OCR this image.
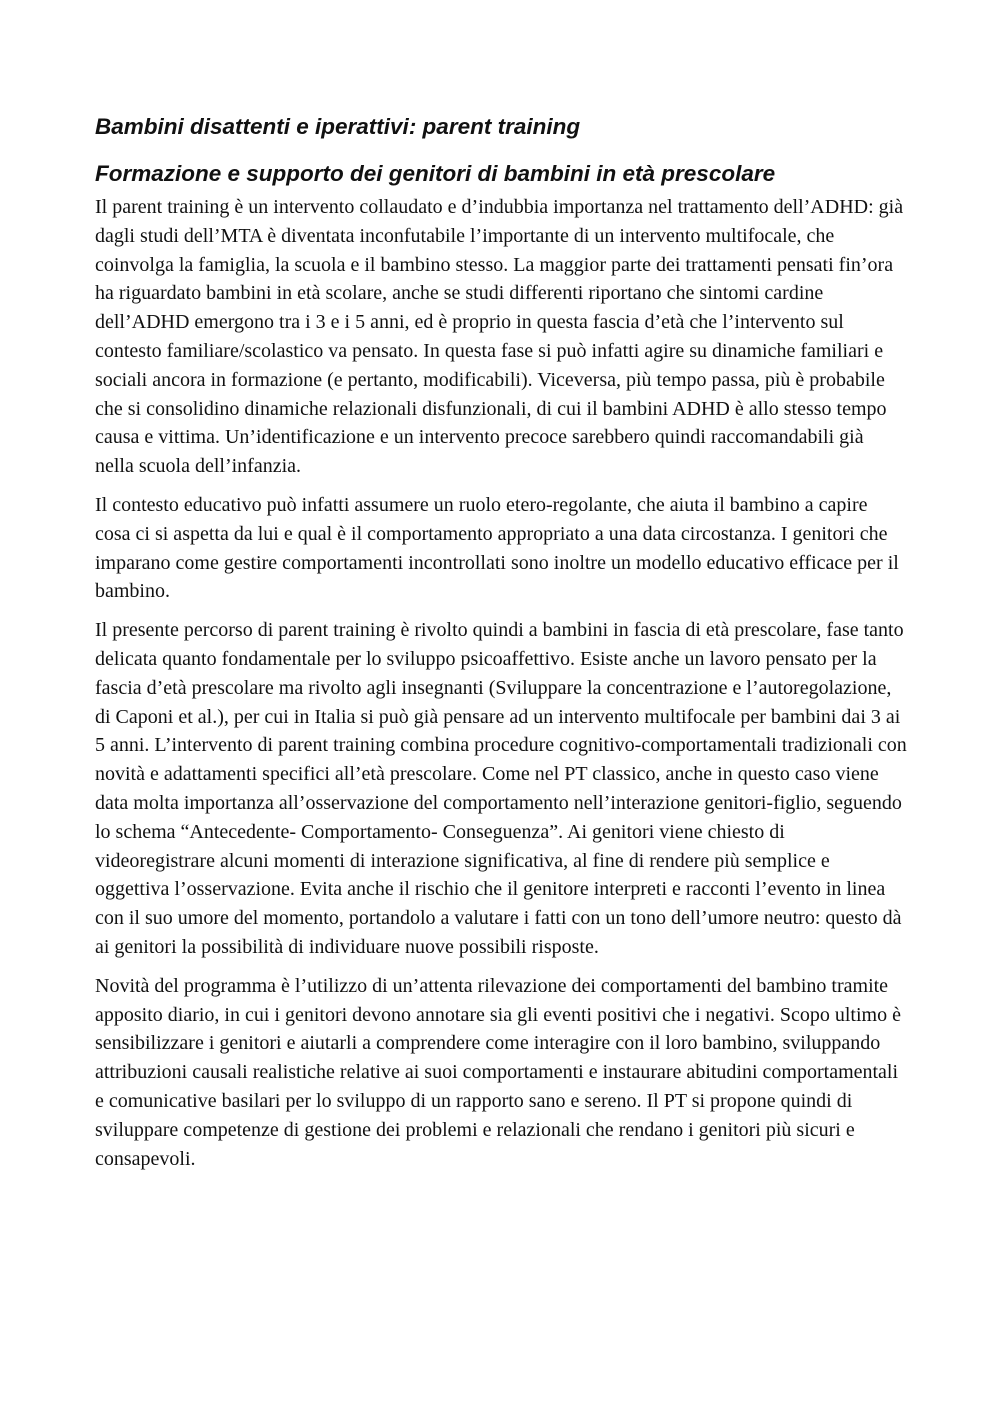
Bambini disattenti e iperattivi: parent training
Formazione e supporto dei genitori di bambini in età prescolare

Il parent training è un intervento collaudato e d’indubbia importanza nel trattamento dell’ADHD: già dagli studi dell’MTA è diventata inconfutabile l’importante di un intervento multifocale, che coinvolga la famiglia, la scuola e il bambino stesso. La maggior parte dei trattamenti pensati fin’ora ha riguardato bambini in età scolare, anche se studi differenti riportano che sintomi cardine dell’ADHD emergono tra i 3 e i 5 anni, ed è proprio in questa fascia d’età che l’intervento sul contesto familiare/scolastico va pensato. In questa fase si può infatti agire su dinamiche familiari e sociali ancora in formazione (e pertanto, modificabili). Viceversa, più tempo passa, più è probabile che si consolidino dinamiche relazionali disfunzionali, di cui il bambini ADHD è allo stesso tempo causa e vittima. Un’identificazione e un intervento precoce sarebbero quindi raccomandabili già nella scuola dell’infanzia.

Il contesto educativo può infatti assumere un ruolo etero-regolante, che aiuta il bambino a capire cosa ci si aspetta da lui e qual è il comportamento appropriato a una data circostanza. I genitori che imparano come gestire comportamenti incontrollati sono inoltre un modello educativo efficace per il bambino.

Il presente percorso di parent training è rivolto quindi a bambini in fascia di età prescolare, fase tanto delicata quanto fondamentale per lo sviluppo psicoaffettivo. Esiste anche un lavoro pensato per la fascia d’età prescolare ma rivolto agli insegnanti (Sviluppare la concentrazione e l’autoregolazione, di Caponi et al.), per cui in Italia si può già pensare ad un intervento multifocale per bambini dai 3 ai 5 anni. L’intervento di parent training combina procedure cognitivo-comportamentali tradizionali con novità e adattamenti specifici all’età prescolare. Come nel PT classico, anche in questo caso viene data molta importanza all’osservazione del comportamento nell’interazione genitori-figlio, seguendo lo schema “Antecedente- Comportamento- Conseguenza”. Ai genitori viene chiesto di videoregistrare alcuni momenti di interazione significativa, al fine di rendere più semplice e oggettiva l’osservazione. Evita anche il rischio che il genitore interpreti e racconti l’evento in linea con il suo umore del momento, portandolo a valutare i fatti con un tono dell’umore neutro: questo dà ai genitori la possibilità di individuare nuove possibili risposte.

Novità del programma è l’utilizzo di un’attenta rilevazione dei comportamenti del bambino tramite apposito diario, in cui i genitori devono annotare sia gli eventi positivi che i negativi. Scopo ultimo è sensibilizzare i genitori e aiutarli a comprendere come interagire con il loro bambino, sviluppando attribuzioni causali realistiche relative ai suoi comportamenti e instaurare abitudini comportamentali e comunicative basilari per lo sviluppo di un rapporto sano e sereno. Il PT si propone quindi di sviluppare competenze di gestione dei problemi e relazionali che rendano i genitori più sicuri e consapevoli.
